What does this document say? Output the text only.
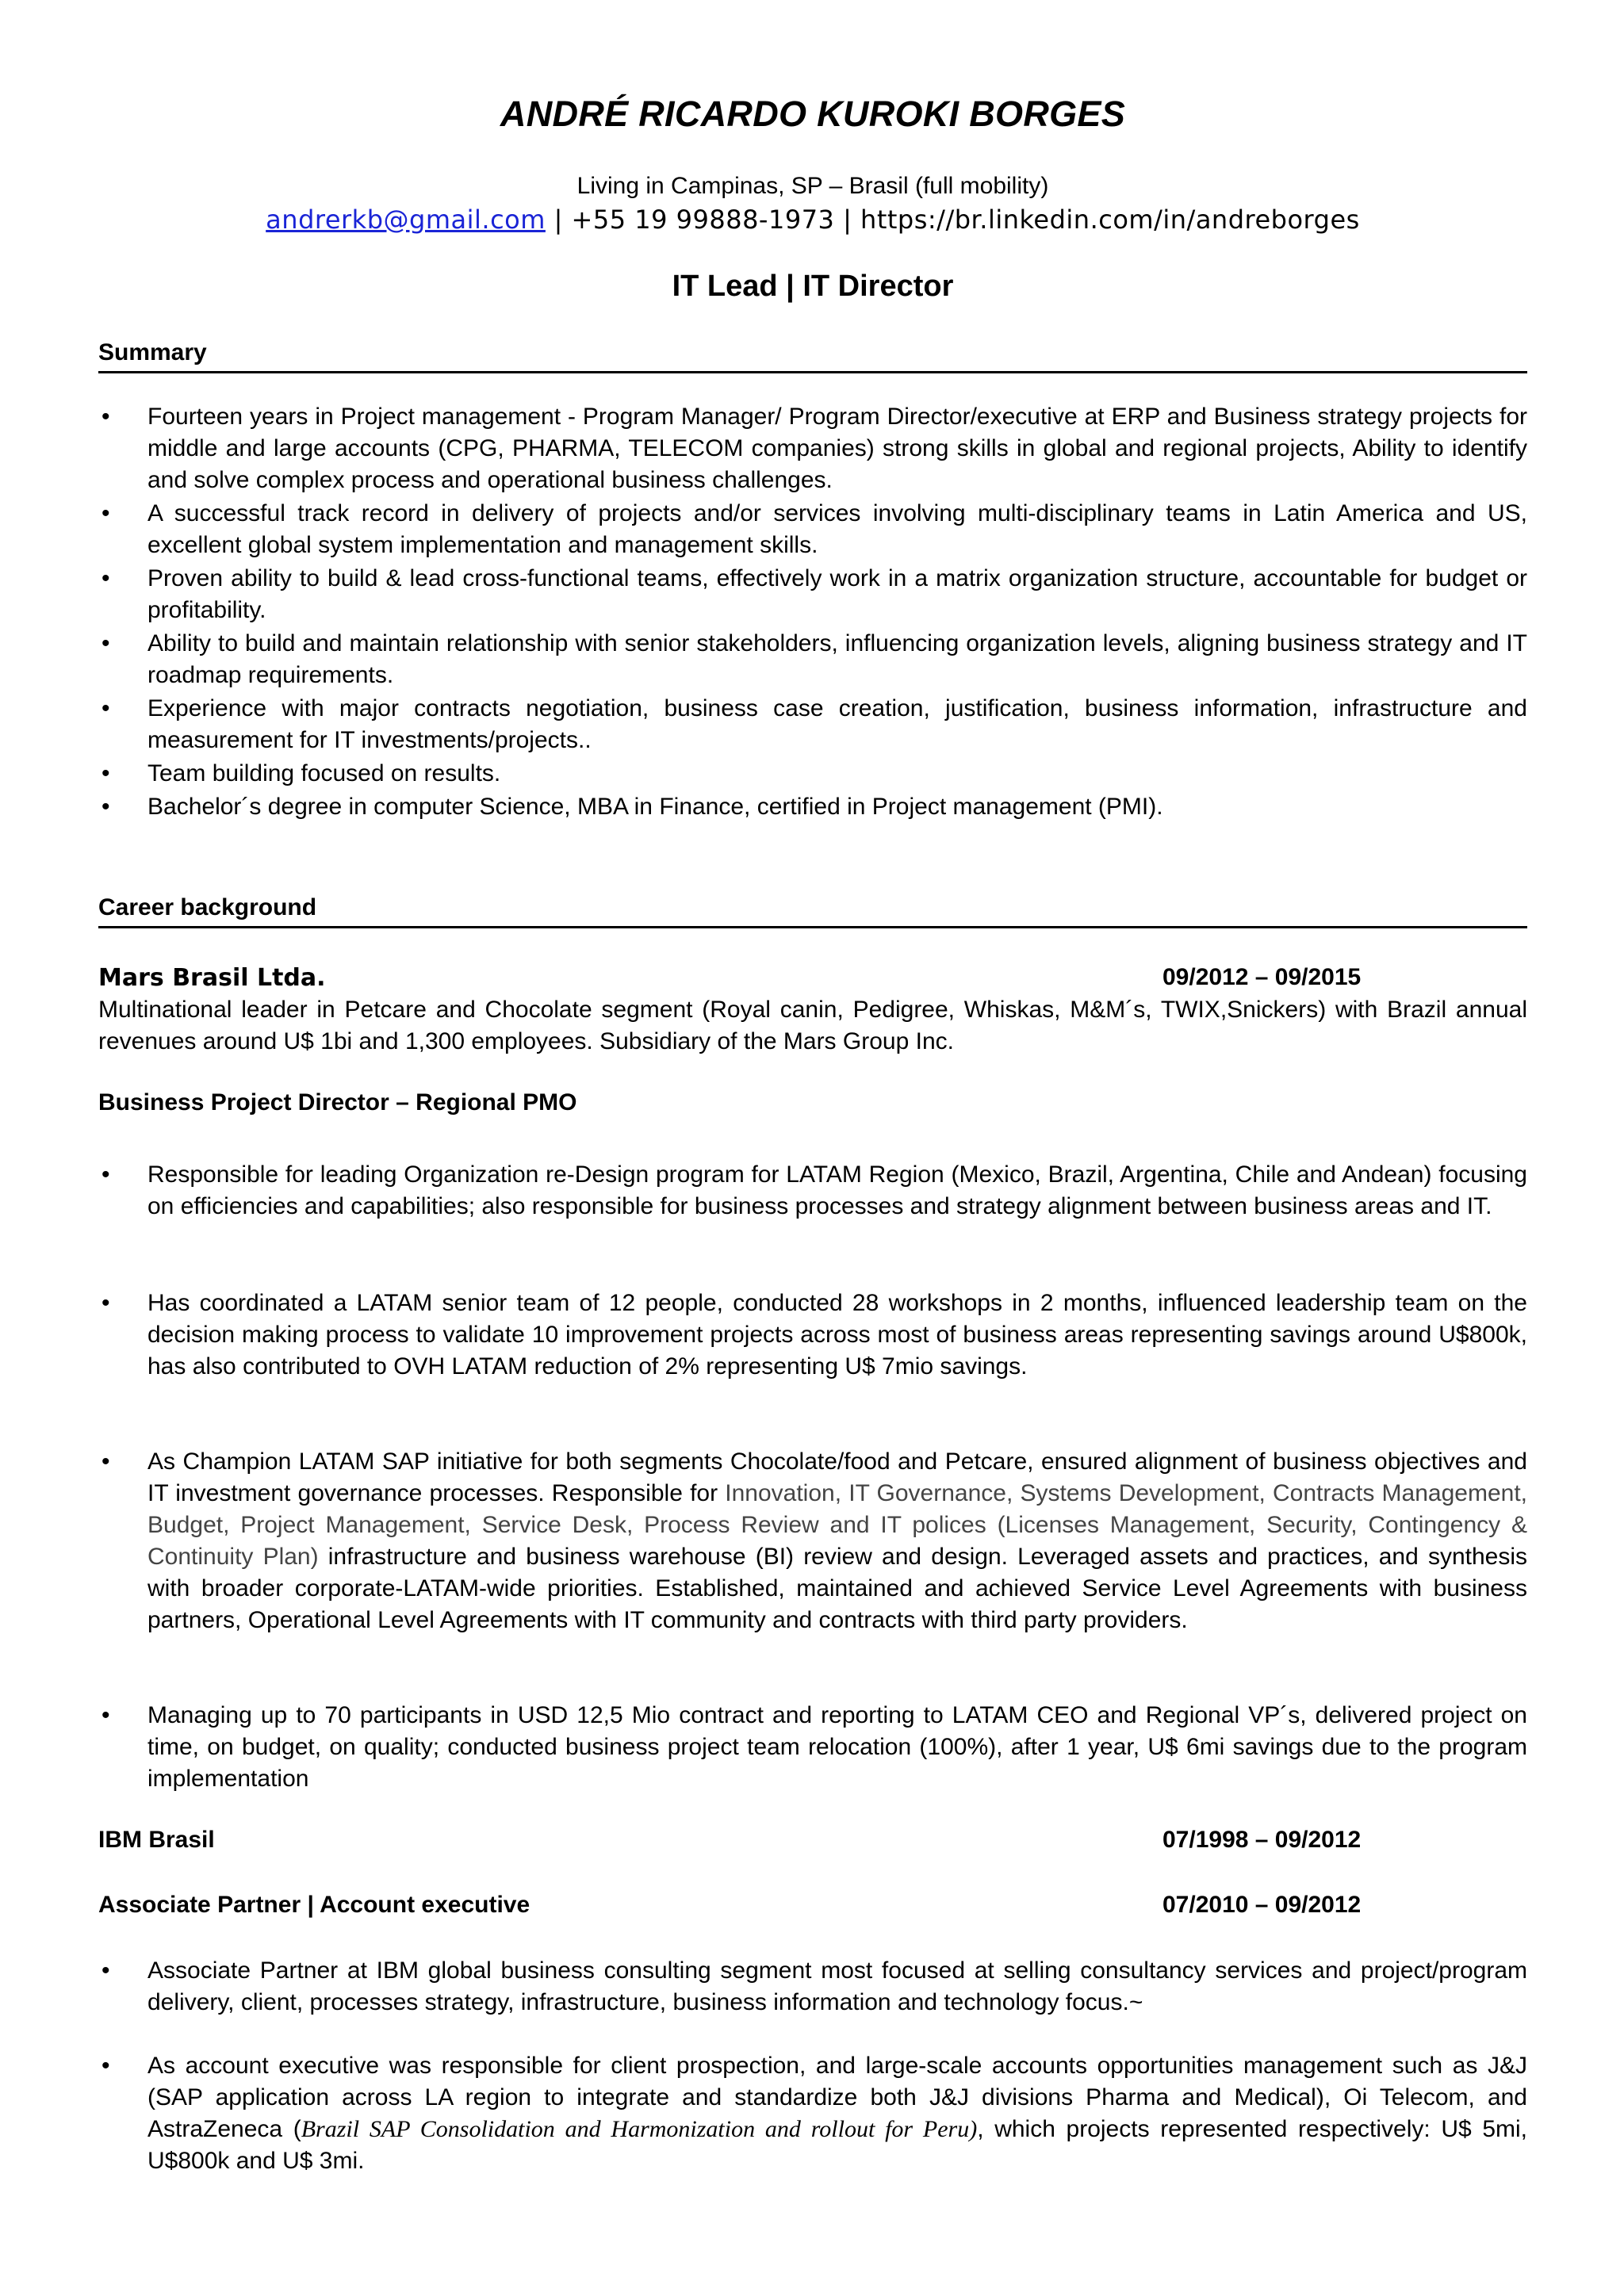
ANDRÉ RICARDO KUROKI BORGES
Living in Campinas, SP – Brasil (full mobility)
andrerkb@gmail.com | +55 19 99888-1973 | https://br.linkedin.com/in/andreborges
IT Lead | IT Director
Summary
• Fourteen years in Project management - Program Manager/ Program Director/executive at ERP and Business strategy projects for middle and large accounts (CPG, PHARMA, TELECOM companies) strong skills in global and regional projects, Ability to identify and solve complex process and operational business challenges.
• A successful track record in delivery of projects and/or services involving multi-disciplinary teams in Latin America and US, excellent global system implementation and management skills.
• Proven ability to build & lead cross-functional teams, effectively work in a matrix organization structure, accountable for budget or profitability.
• Ability to build and maintain relationship with senior stakeholders, influencing organization levels, aligning business strategy and IT roadmap requirements.
• Experience with major contracts negotiation, business case creation, justification, business information, infrastructure and measurement for IT investments/projects..
• Team building focused on results.
• Bachelor´s degree in computer Science, MBA in Finance, certified in Project management (PMI).
Career background
Mars Brasil Ltda.	09/2012 – 09/2015
Multinational leader in Petcare and Chocolate segment (Royal canin, Pedigree, Whiskas, M&M´s, TWIX,Snickers) with Brazil annual revenues around U$ 1bi and 1,300 employees. Subsidiary of the Mars Group Inc.
Business Project Director – Regional PMO
• Responsible for leading Organization re-Design program for LATAM Region (Mexico, Brazil, Argentina, Chile and Andean) focusing on efficiencies and capabilities; also responsible for business processes and strategy alignment between business areas and IT.
• Has coordinated a LATAM senior team of 12 people, conducted 28 workshops in 2 months, influenced leadership team on the decision making process to validate 10 improvement projects across most of business areas representing savings around U$800k, has also contributed to OVH LATAM reduction of 2% representing U$ 7mio savings.
• As Champion LATAM SAP initiative for both segments Chocolate/food and Petcare, ensured alignment of business objectives and IT investment governance processes. Responsible for Innovation, IT Governance, Systems Development, Contracts Management, Budget, Project Management, Service Desk, Process Review and IT polices (Licenses Management, Security, Contingency & Continuity Plan) infrastructure and business warehouse (BI) review and design. Leveraged assets and practices, and synthesis with broader corporate-LATAM-wide priorities. Established, maintained and achieved Service Level Agreements with business partners, Operational Level Agreements with IT community and contracts with third party providers.
• Managing up to 70 participants in USD 12,5 Mio contract and reporting to LATAM CEO and Regional VP´s, delivered project on time, on budget, on quality; conducted business project team relocation (100%), after 1 year, U$ 6mi savings due to the program implementation
IBM Brasil	07/1998 – 09/2012
Associate Partner | Account executive	07/2010 – 09/2012
• Associate Partner at IBM global business consulting segment most focused at selling consultancy services and project/program delivery, client, processes strategy, infrastructure, business information and technology focus.~
• As account executive was responsible for client prospection, and large-scale accounts opportunities management such as J&J (SAP application across LA region to integrate and standardize both J&J divisions Pharma and Medical), Oi Telecom, and AstraZeneca (Brazil SAP Consolidation and Harmonization and rollout for Peru), which projects represented respectively: U$ 5mi, U$800k and U$ 3mi.
